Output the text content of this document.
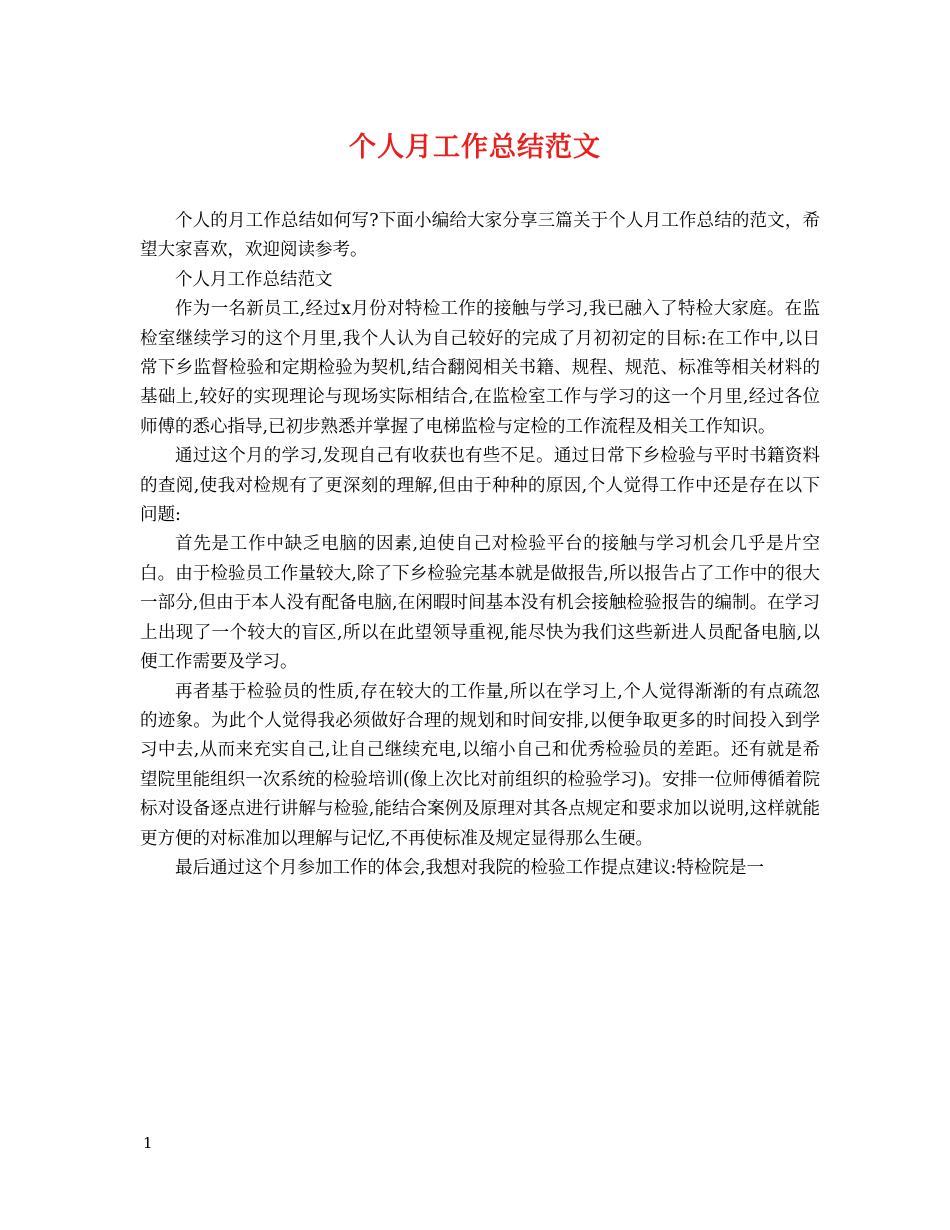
个人月工作总结范文

个人的月工作总结如何写?下面小编给大家分享三篇关于个人月工作总结的范文，希望大家喜欢，欢迎阅读参考。

个人月工作总结范文

作为一名新员工,经过x月份对特检工作的接触与学习,我已融入了特检大家庭。在监检室继续学习的这个月里,我个人认为自己较好的完成了月初初定的目标:在工作中,以日常下乡监督检验和定期检验为契机,结合翻阅相关书籍、规程、规范、标准等相关材料的基础上,较好的实现理论与现场实际相结合,在监检室工作与学习的这一个月里,经过各位师傅的悉心指导,已初步熟悉并掌握了电梯监检与定检的工作流程及相关工作知识。

通过这个月的学习,发现自己有收获也有些不足。通过日常下乡检验与平时书籍资料的查阅,使我对检规有了更深刻的理解,但由于种种的原因,个人觉得工作中还是存在以下问题:

首先是工作中缺乏电脑的因素,迫使自己对检验平台的接触与学习机会几乎是片空白。由于检验员工作量较大,除了下乡检验完基本就是做报告,所以报告占了工作中的很大一部分,但由于本人没有配备电脑,在闲暇时间基本没有机会接触检验报告的编制。在学习上出现了一个较大的盲区,所以在此望领导重视,能尽快为我们这些新进人员配备电脑,以便工作需要及学习。

再者基于检验员的性质,存在较大的工作量,所以在学习上,个人觉得渐渐的有点疏忽的迹象。为此个人觉得我必须做好合理的规划和时间安排,以便争取更多的时间投入到学习中去,从而来充实自己,让自己继续充电,以缩小自己和优秀检验员的差距。还有就是希望院里能组织一次系统的检验培训(像上次比对前组织的检验学习)。安排一位师傅循着院标对设备逐点进行讲解与检验,能结合案例及原理对其各点规定和要求加以说明,这样就能更方便的对标准加以理解与记忆,不再使标准及规定显得那么生硬。

最后通过这个月参加工作的体会,我想对我院的检验工作提点建议:特检院是一

1
